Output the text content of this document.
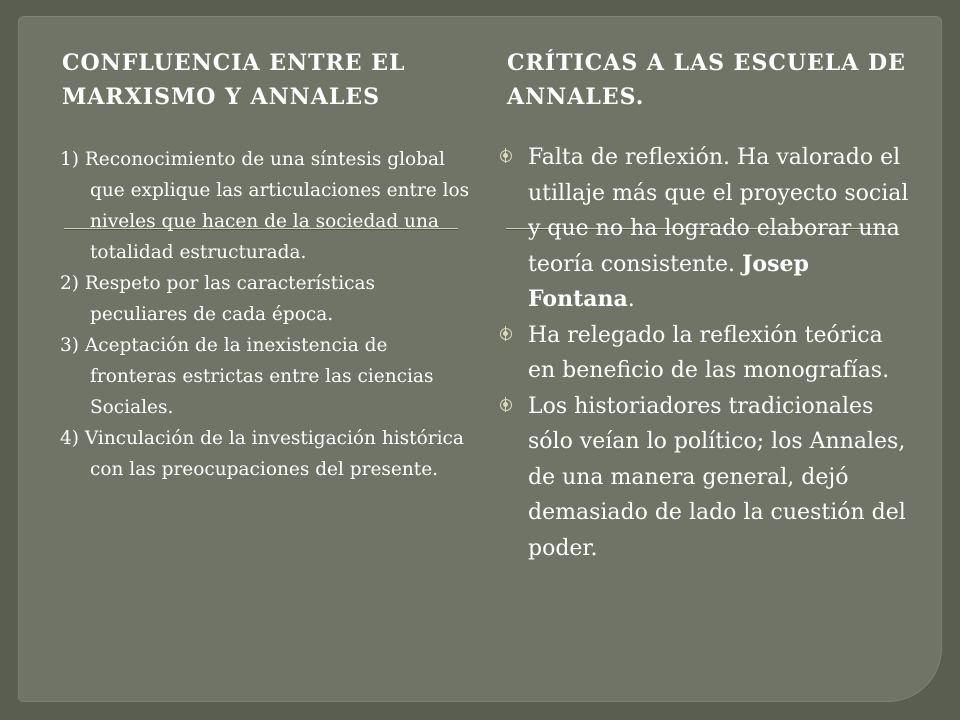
CONFLUENCIA ENTRE EL MARXISMO Y ANNALES
CRÍTICAS A LAS ESCUELA DE ANNALES.
1) Reconocimiento de una síntesis global que explique las articulaciones entre los niveles que hacen de la sociedad una totalidad estructurada.
2) Respeto por las características peculiares de cada época.
3) Aceptación de la inexistencia de fronteras estrictas entre las ciencias Sociales.
4) Vinculación de la investigación histórica con las preocupaciones del presente.
Falta de reflexión. Ha valorado el utillaje más que el proyecto social y que no ha logrado elaborar una teoría consistente. Josep Fontana.
Ha relegado la reflexión teórica en beneficio de las monografías.
Los historiadores tradicionales sólo veían lo político; los Annales, de una manera general, dejó demasiado de lado la cuestión del poder.
